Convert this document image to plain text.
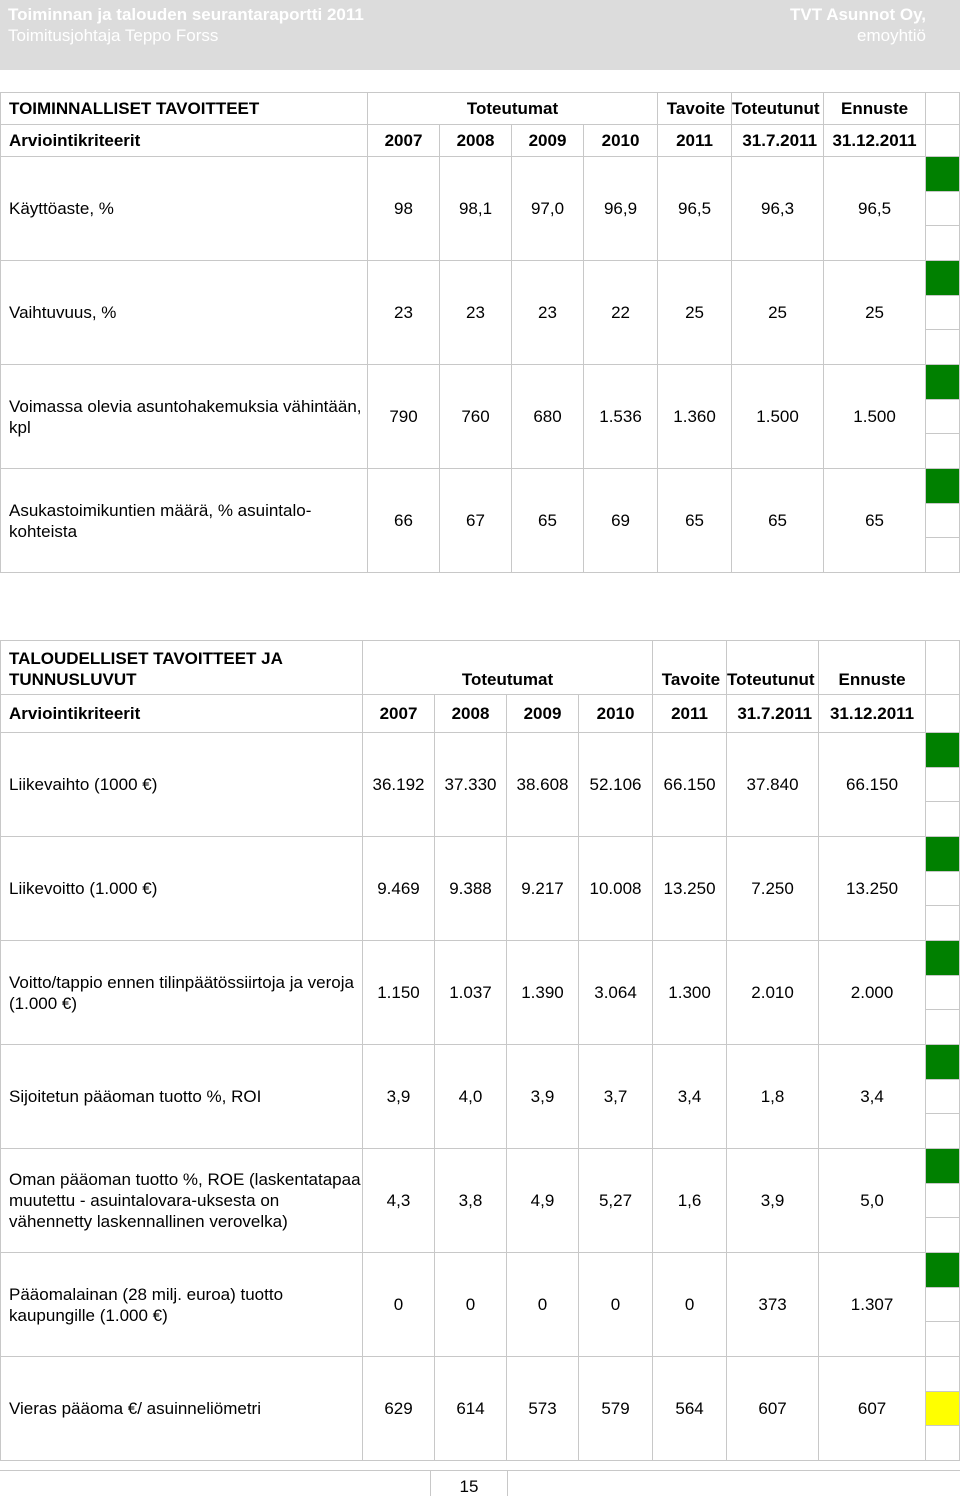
Toiminnan ja talouden seurantaraportti 2011
Toimitusjohtaja Teppo Forss
TVT Asunnot Oy,
emoyhtiö
TOIMINNALLISET TAVOITTEET	Toteutumat				Tavoite	Toteutunut	Ennuste	
Arviointikriteerit	2007	2008	2009	2010	2011	31.7.2011	31.12.2011	
Käyttöaste, %	98	98,1	97,0	96,9	96,5	96,3	96,5	

Vaihtuvuus, %	23	23	23	22	25	25	25	

Voimassa olevia asuntohakemuksia vähintään, kpl	790	760	680	1.536	1.360	1.500	1.500	

Asukastoimikuntien määrä, % asuintalo-kohteista	66	67	65	69	65	65	65	
TALOUDELLISET TAVOITTEET JA TUNNUSLUVUT	Toteutumat				Tavoite	Toteutunut	Ennuste	
Arviointikriteerit	2007	2008	2009	2010	2011	31.7.2011	31.12.2011	
Liikevaihto (1000 €)	36.192	37.330	38.608	52.106	66.150	37.840	66.150	

Liikevoitto (1.000 €)	9.469	9.388	9.217	10.008	13.250	7.250	13.250	

Voitto/tappio ennen tilinpäätössiirtoja ja veroja (1.000 €)	1.150	1.037	1.390	3.064	1.300	2.010	2.000	

Sijoitetun pääoman tuotto %, ROI	3,9	4,0	3,9	3,7	3,4	1,8	3,4	

Oman pääoman tuotto %, ROE (laskentatapaa muutettu - asuintalovara-uksesta on vähennetty laskennallinen verovelka)	4,3	3,8	4,9	5,27	1,6	3,9	5,0	

Pääomalainan (28 milj. euroa) tuotto kaupungille (1.000 €)	0	0	0	0	0	373	1.307	

Vieras pääoma €/ asuinneliömetri	629	614	573	579	564	607	607	
15
